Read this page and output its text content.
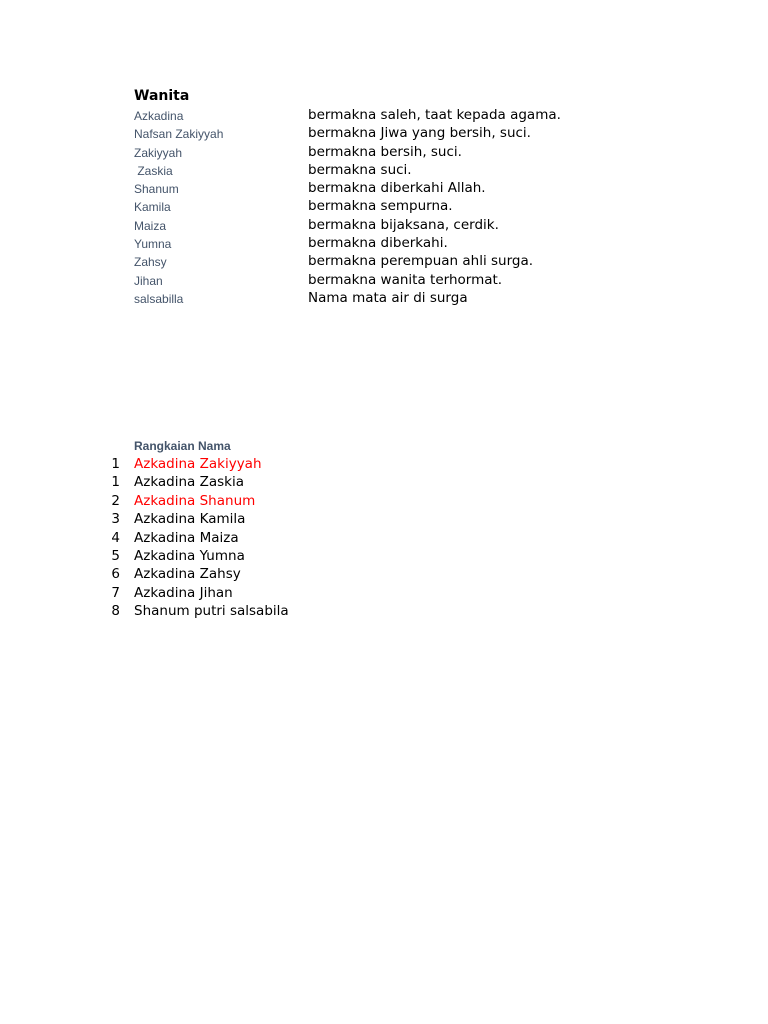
Wanita
Azkadina	bermakna saleh, taat kepada agama.
Nafsan Zakiyyah	bermakna Jiwa yang bersih, suci.
Zakiyyah	bermakna bersih, suci.
Zaskia	bermakna suci.
Shanum	bermakna diberkahi Allah.
Kamila	bermakna sempurna.
Maiza	bermakna bijaksana, cerdik.
Yumna	bermakna diberkahi.
Zahsy	bermakna perempuan ahli surga.
Jihan	bermakna wanita terhormat.
salsabilla	Nama mata air di surga
Rangkaian Nama
1 Azkadina Zakiyyah
1 Azkadina Zaskia
2 Azkadina Shanum
3 Azkadina Kamila
4 Azkadina Maiza
5 Azkadina Yumna
6 Azkadina Zahsy
7 Azkadina Jihan
8 Shanum putri salsabila
